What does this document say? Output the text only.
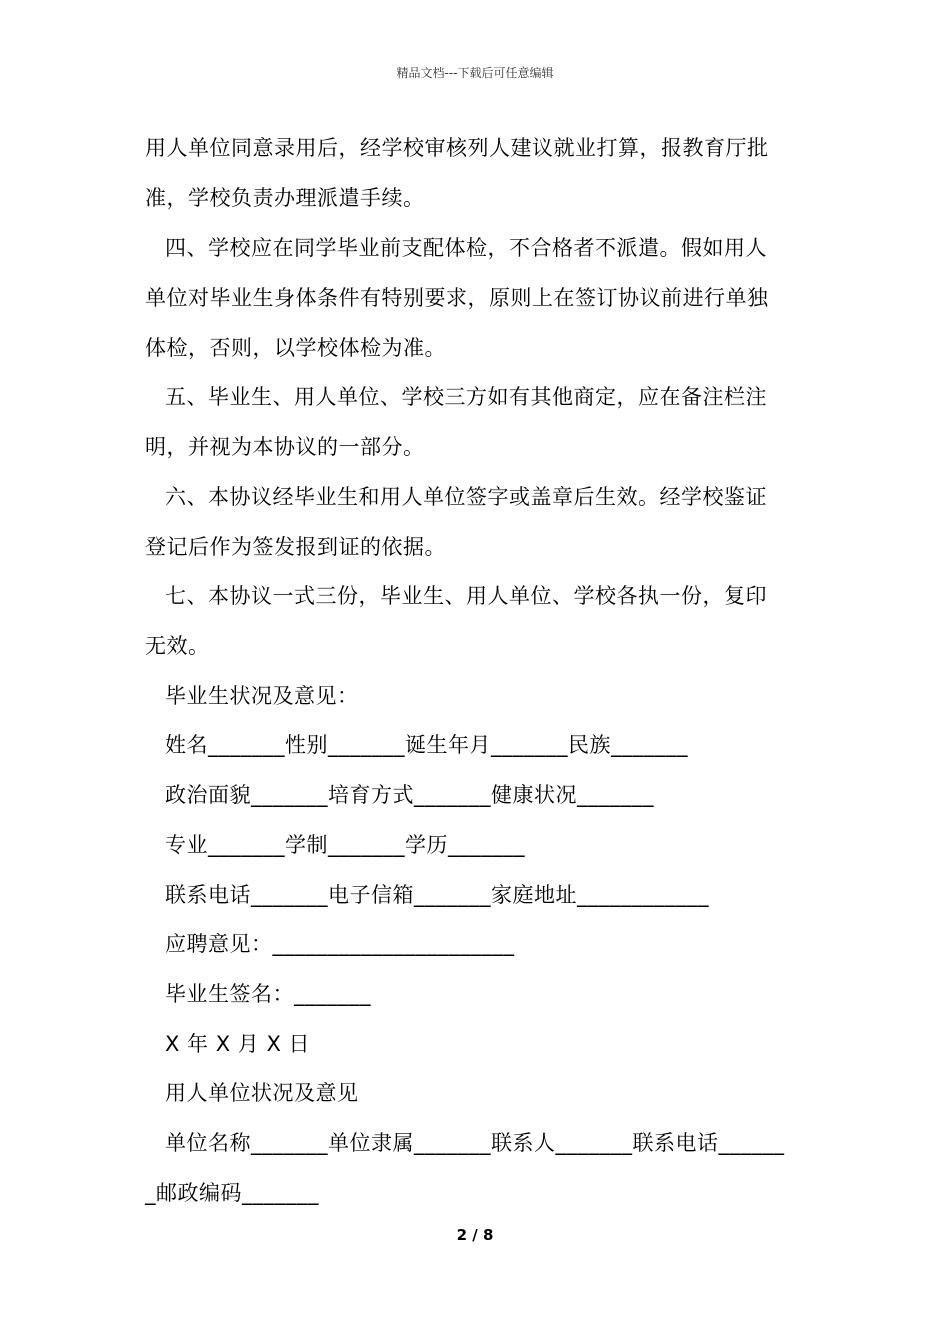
精品文档---下载后可任意编辑
用人单位同意录用后，经学校审核列人建议就业打算，报教育厅批
准，学校负责办理派遣手续。
四、学校应在同学毕业前支配体检，不合格者不派遣。假如用人
单位对毕业生身体条件有特别要求，原则上在签订协议前进行单独
体检，否则，以学校体检为准。
五、毕业生、用人单位、学校三方如有其他商定，应在备注栏注
明，并视为本协议的一部分。
六、本协议经毕业生和用人单位签字或盖章后生效。经学校鉴证
登记后作为签发报到证的依据。
七、本协议一式三份，毕业生、用人单位、学校各执一份，复印
无效。
毕业生状况及意见：
姓名_______性别_______诞生年月_______民族_______
政治面貌_______培育方式_______健康状况_______
专业_______学制_______学历_______
联系电话_______电子信箱_______家庭地址____________
应聘意见：______________________
毕业生签名：_______
X 年 X 月 X 日
用人单位状况及意见
单位名称_______单位隶属_______联系人_______联系电话______
_邮政编码_______
2 / 8
